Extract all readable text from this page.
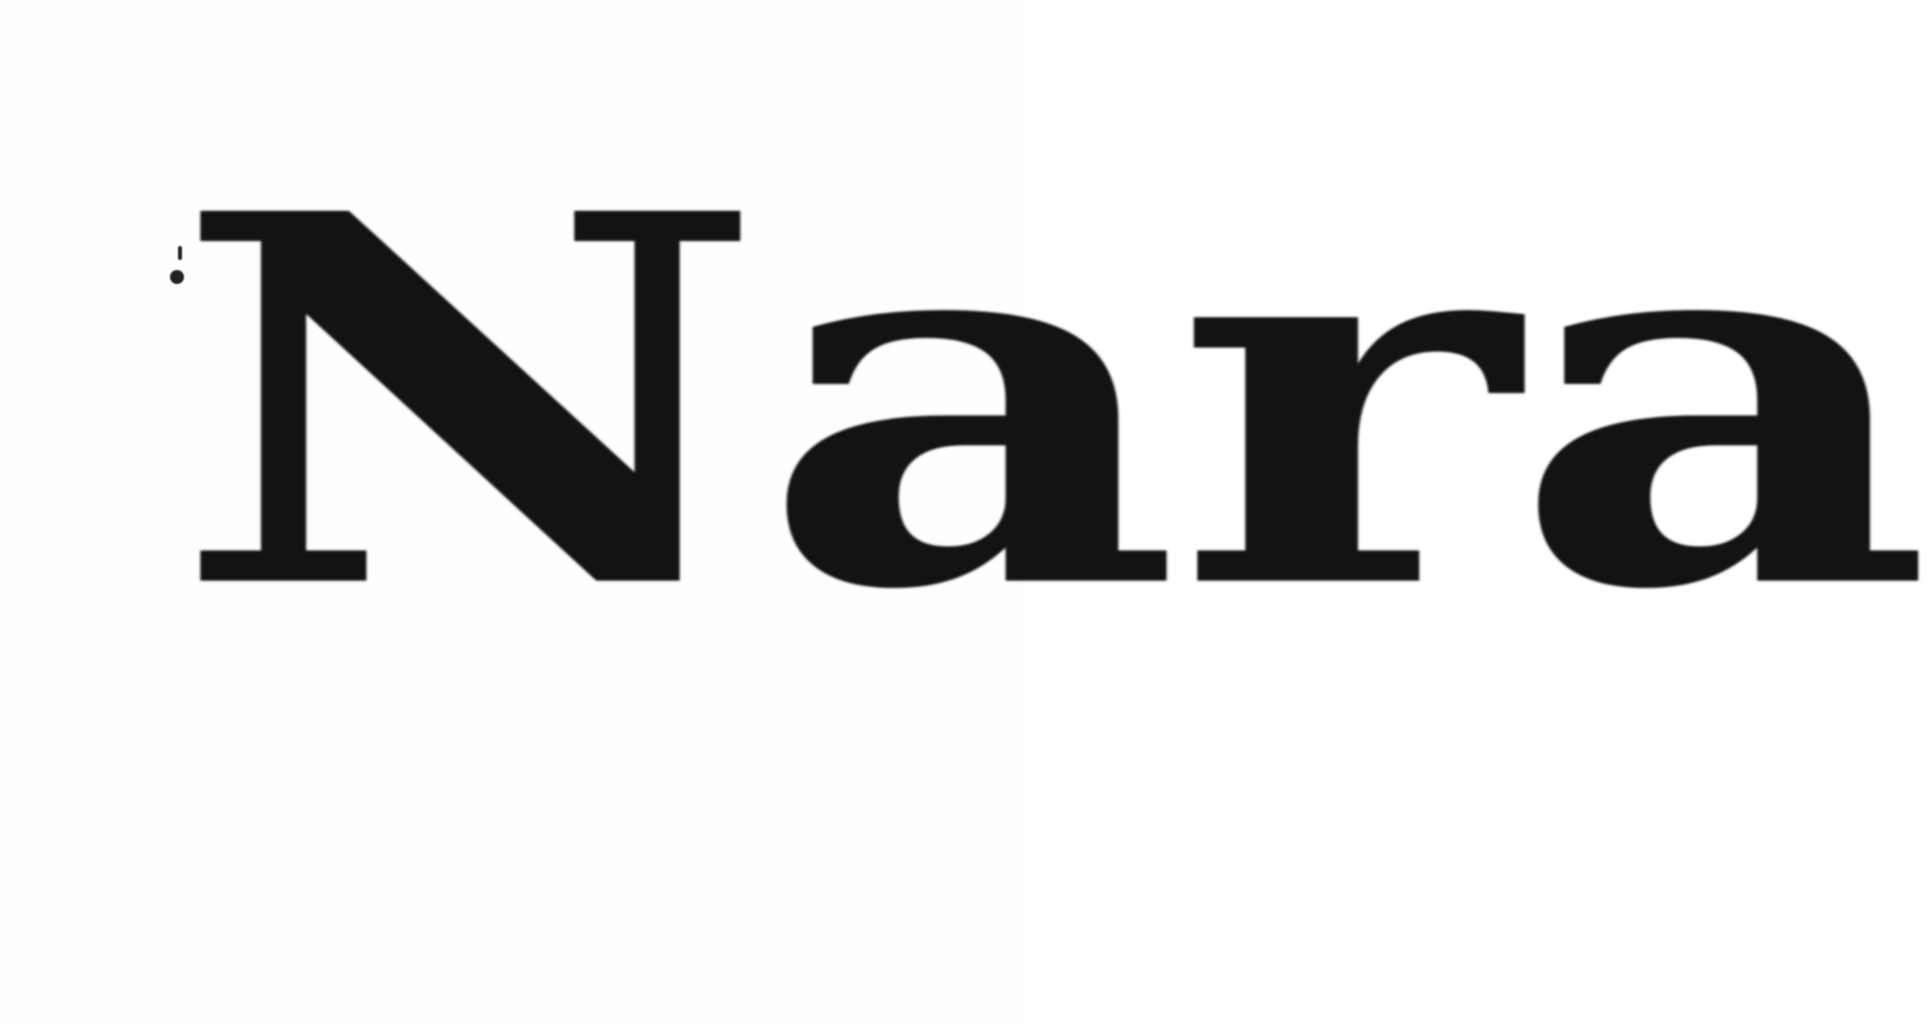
Nara
